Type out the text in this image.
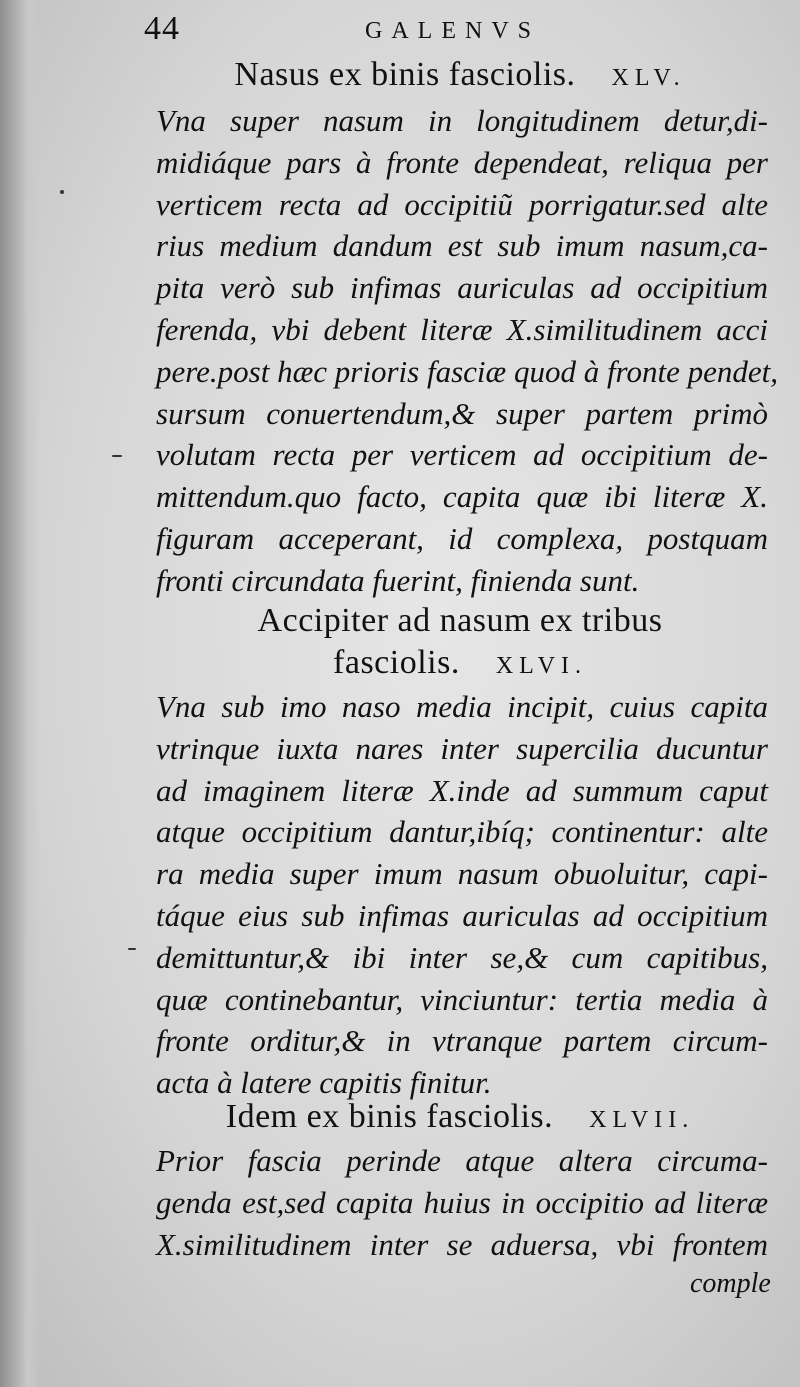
44	GALENVS
Nasus ex binis fasciolis. XLV.
Vna super nasum in longitudinem detur,di-
midiáque pars à fronte dependeat, reliqua per
verticem recta ad occipitiũ porrigatur.sed alte
rius medium dandum est sub imum nasum,ca-
pita verò sub infimas auriculas ad occipitium
ferenda, vbi debent literæ X.similitudinem acci
pere.post hæc prioris fasciæ quod à fronte pendet,
sursum conuertendum,& super partem primò
volutam recta per verticem ad occipitium de-
mittendum.quo facto, capita quæ ibi literæ X.
figuram acceperant, id complexa, postquam
fronti circundata fuerint, finienda sunt.
Accipiter ad nasum ex tribus
fasciolis. XLVI.
Vna sub imo naso media incipit, cuius capita
vtrinque iuxta nares inter supercilia ducuntur
ad imaginem literæ X.inde ad summum caput
atque occipitium dantur,ibíq; continentur: alte
ra media super imum nasum obuoluitur, capi-
táque eius sub infimas auriculas ad occipitium
demittuntur,& ibi inter se,& cum capitibus,
quæ continebantur, vinciuntur: tertia media à
fronte orditur,& in vtranque partem circum-
acta à latere capitis finitur.
Idem ex binis fasciolis. XLVII.
Prior fascia perinde atque altera circuma-
genda est,sed capita huius in occipitio ad literæ
X.similitudinem inter se aduersa, vbi frontem
comple
